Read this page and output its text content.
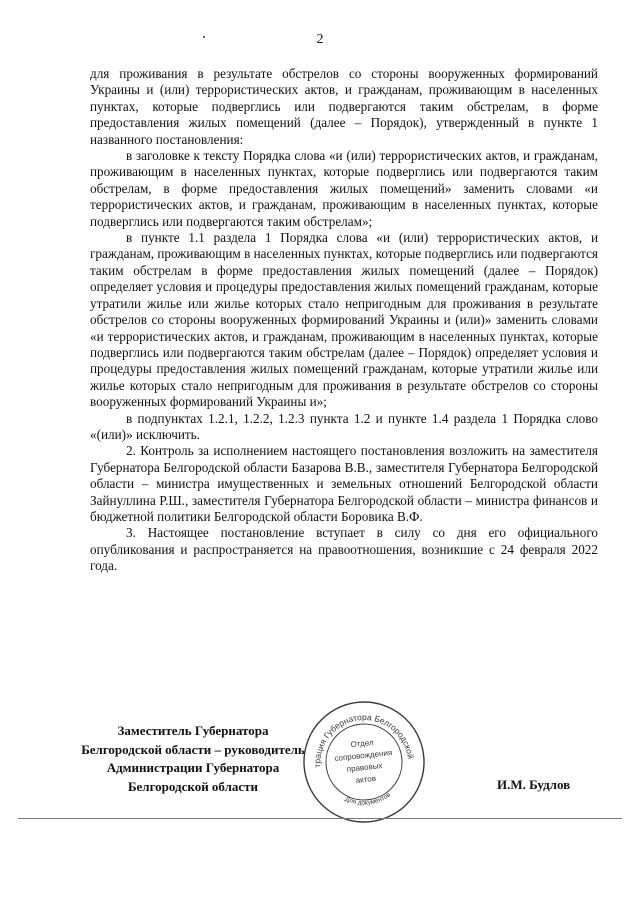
2

для проживания в результате обстрелов со стороны вооруженных формирований Украины и (или) террористических актов, и гражданам, проживающим в населенных пунктах, которые подверглись или подвергаются таким обстрелам, в форме предоставления жилых помещений (далее – Порядок), утвержденный в пункте 1 названного постановления:

в заголовке к тексту Порядка слова «и (или) террористических актов, и гражданам, проживающим в населенных пунктах, которые подверглись или подвергаются таким обстрелам, в форме предоставления жилых помещений» заменить словами «и террористических актов, и гражданам, проживающим в населенных пунктах, которые подверглись или подвергаются таким обстрелам»;

в пункте 1.1 раздела 1 Порядка слова «и (или) террористических актов, и гражданам, проживающим в населенных пунктах, которые подверглись или подвергаются таким обстрелам в форме предоставления жилых помещений (далее – Порядок) определяет условия и процедуры предоставления жилых помещений гражданам, которые утратили жилье или жилье которых стало непригодным для проживания в результате обстрелов со стороны вооруженных формирований Украины и (или)» заменить словами «и террористических актов, и гражданам, проживающим в населенных пунктах, которые подверглись или подвергаются таким обстрелам (далее – Порядок) определяет условия и процедуры предоставления жилых помещений гражданам, которые утратили жилье или жилье которых стало непригодным для проживания в результате обстрелов со стороны вооруженных формирований Украины и»;

в подпунктах 1.2.1, 1.2.2, 1.2.3 пункта 1.2 и пункте 1.4 раздела 1 Порядка слово «(или)» исключить.

2. Контроль за исполнением настоящего постановления возложить на заместителя Губернатора Белгородской области Базарова В.В., заместителя Губернатора Белгородской области – министра имущественных и земельных отношений Белгородской области Зайнуллина Р.Ш., заместителя Губернатора Белгородской области – министра финансов и бюджетной политики Белгородской области Боровика В.Ф.

3. Настоящее постановление вступает в силу со дня его официального опубликования и распространяется на правоотношения, возникшие с 24 февраля 2022 года.

Заместитель Губернатора
Белгородской области – руководитель
Администрации Губернатора
Белгородской области
Администрация Губернатора Белгородской
Для документов
Отдел
сопровождения
правовых
актов	И.М. Будлов
